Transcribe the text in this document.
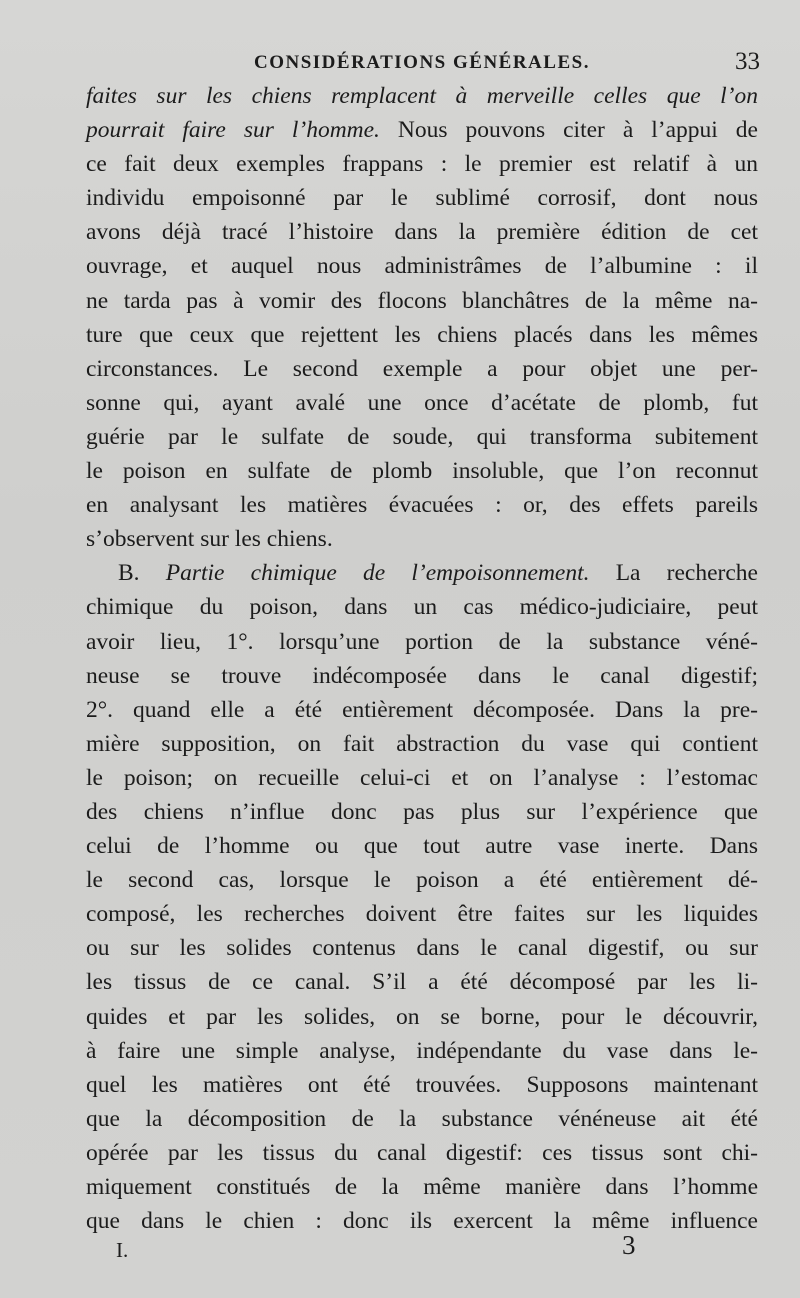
CONSIDÉRATIONS GÉNÉRALES.	33
faites sur les chiens remplacent à merveille celles que l’on
pourrait faire sur l’homme. Nous pouvons citer à l’appui de
ce fait deux exemples frappans : le premier est relatif à un
individu empoisonné par le sublimé corrosif, dont nous
avons déjà tracé l’histoire dans la première édition de cet
ouvrage, et auquel nous administrâmes de l’albumine : il
ne tarda pas à vomir des flocons blanchâtres de la même na-
ture que ceux que rejettent les chiens placés dans les mêmes
circonstances. Le second exemple a pour objet une per-
sonne qui, ayant avalé une once d’acétate de plomb, fut
guérie par le sulfate de soude, qui transforma subitement
le poison en sulfate de plomb insoluble, que l’on reconnut
en analysant les matières évacuées : or, des effets pareils
s’observent sur les chiens.
B. Partie chimique de l’empoisonnement. La recherche
chimique du poison, dans un cas médico-judiciaire, peut
avoir lieu, 1°. lorsqu’une portion de la substance véné-
neuse se trouve indécomposée dans le canal digestif;
2°. quand elle a été entièrement décomposée. Dans la pre-
mière supposition, on fait abstraction du vase qui contient
le poison; on recueille celui-ci et on l’analyse : l’estomac
des chiens n’influe donc pas plus sur l’expérience que
celui de l’homme ou que tout autre vase inerte. Dans
le second cas, lorsque le poison a été entièrement dé-
composé, les recherches doivent être faites sur les liquides
ou sur les solides contenus dans le canal digestif, ou sur
les tissus de ce canal. S’il a été décomposé par les li-
quides et par les solides, on se borne, pour le découvrir,
à faire une simple analyse, indépendante du vase dans le-
quel les matières ont été trouvées. Supposons maintenant
que la décomposition de la substance vénéneuse ait été
opérée par les tissus du canal digestif: ces tissus sont chi-
miquement constitués de la même manière dans l’homme
que dans le chien : donc ils exercent la même influence
I.	3
